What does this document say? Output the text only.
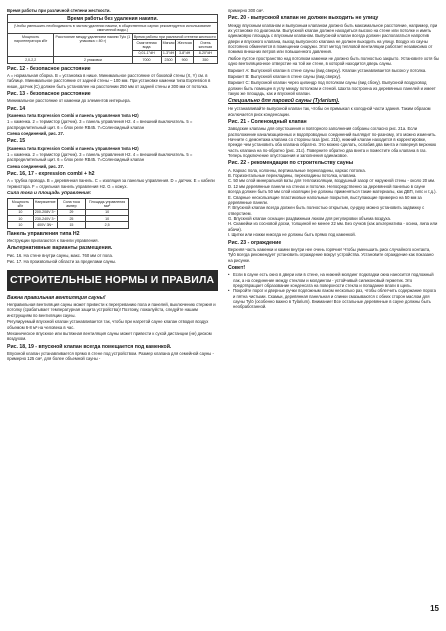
Время работы при различной степени жесткости.
Время работы без удаления накипи.					
(Чтобы уменьшить необходимость в частом удалении накипи, в общественных саунах рекомендуется использование смягченной воды.)					
Мощность парогенератора кВт	Расстояние между удалением накипи Tylo (1 упаковка = 80 г)	Время работы при различной степени жесткости			
		Смягченная вода	Мягкая	Жесткая	Очень жесткая
		0,01-1°dH	1-3°dH	3-8°dH	8-20°dH
2,0-2,2	2 упаковки	7000	2300	900	350
Рис. 12 - безопасное расстояние
A = нормальная сборка. B = установка в нише. Минимальное расстояние от боковой стены (X, Y) см. в таблице. Минимальное расстояние от задней стены – 100 мм. При установке каменки типа Expression в нише, датчик (C) должен быть установлен на расстоянии 250 мм от задней стены и 300 мм от потолка.
Рис. 13 - безопасное расстояние
Минимальное расстояние от каменки до элементов интерьера.
Рис. 14
(Каменка типа Expression Combi и панель управления типа H2)
1 = каменка. 2 = термистор (датчик). 3 = панель управления H2. 4 = внешний выключатель. 5 = распределительный щит. 6 = блок реле RB45. 7=Соленоидный клапан
Схема соединений, рис. 27.
Рис. 15
(Каменка типа Expression Combi и панель управления типа H2)
1 = каменка. 2 = термистор (датчик). 3 = панель управления H2. 4 = внешний выключатель. 5 = распределительный щит. 6 = блок реле RB45. 7=Соленоидный клапан
Схема соединений, рис. 27.
Рис. 16, 17 - expression combi + h2
A = трубка провода. B = деревянная панель. C = изоляция за панелью управления. D = датчик. E = кабели термистора. F = отдельная панель управления H2. G = кожух.
Сила тока и площадь управления:
Мощность кВт	Напряжение	Сила тока ампер	Площадь управления мм²
10	200-208V 3~	29	10
10	230-240V 3~	25	10
10	400V 3N~	15	2,5
Панель управления типа H2
Инструкции прилагаются к панели управления.
Альтернативные варианты размещения.
Рис. 16. На стене внутри сауны, макс. 760 мм от пола.
Рис. 17. На произвольной области за пределами сауны.
СТРОИТЕЛЬНЫЕ НОРМЫ И ПРАВИЛА
Важна правильная вентиляция сауны!
Неправильная вентиляция сауны может привести к перегреванию пола и панелей, выключению стержня и потолку (срабатывает температурная защита устройства)! Поэтому, пожалуйста, следуйте нашим инструкциям по вентиляции сауны.
Регулируемый впускной клапан устанавливается так, чтобы при нагретой сауне клапан отводил воздух объемом 6-8 м³ на человека в час.
Механическое впускное или вытяжная вентиляция сауны может привести к сухой дистанции (не) диском воздухом.
Рис. 18, 19 - впускной клапан всегда помещается под каменкой.
Впускной клапан устанавливается прямо в стене под устройством. Размер клапана для семейной сауны - примерно 125 см², для более объемной сауны -
примерно 300 см².
Рис. 20 - выпускной клапан не должен выходить не улицу
Между впускным клапаном и выпускным клапаном должно быть максимальное расстояние, например, при их установке по диагонали. Выпускной клапан должен находиться высоко на стене или потолке и иметь одинаковую площадь с впускным клапаном. Выпускной клапан всегда должен располагаться напротив двери и впускного клапана, выход выпускного клапана не должен выходить на улицу. Воздух из сауны постоянно обменяется в помещении снаружи. Этот метод тепловой вентиляции работает независимо от помимо внешних ветров или повышенного давления.
Любое пустое пространство над потолком каменки не должно быть полностью закрыто. Установите хотя бы одно вентиляционное отверстие на той же стене, в которой находится дверь сауны.
Вариант A: Выпускной клапан в стене сауны (вид сверху). Клапан устанавливается высоко у потолка.
Вариант B: Выпускной клапан в стене сауны (вид сверху).
Вариант C: Выпускной клапан через цилиндр под потолком сауны (вид сбоку). Выпускной воздуховод должен быть помещен в углу между потолком и стеной. Шахта построена из деревянных панелей и имеет такую же площадь, как и впускной клапан.
Специально для паровой сауны (Tylarium).
Не устанавливайте выпускной клапан так, чтобы он примыкал к холодной части здания. Таким образом исключается риск конденсации.
Рис. 21 - Соленоидный клапан
Заводские клапаны для опустошения и повторного заполнения собраны согласно рис. 21a. Если расположение канализационных и водопроводных соединений выглядит по-разному, это можно изменить. Начните с демонтажа клапана со стороны газа (рис. 21b), нижний клапан находится в корректировке, прежде чем установить оба клапана обратно. Это можно сделать, ослабив два винта и повернув верхнюю часть клапана на по-обратно (рис. 21c). Поверните обратно два винта и поместите оба клапана в газ. Теперь подключение опустошения и заполнения одинаковое.
Рис. 22 - рекомендации по строительству сауны
A. Каркас пола, колонны, вертикальные перекладины, каркас потолка.
B. Горизонтальные перекладины, перекладины потолка, клапана.
C. 50 мм слой минеральной ваты для теплоизоляции, воздушный зазор от наружной стены - около 20 мм.
D. 12 мм деревянные панели на стенах и потолке. Непосредственно за деревянной панелью в сауне всегда должен быть 50 мм слой изоляции (не должны применяться такие материалы, как ДВП, гипс и т.д.).
E. Сварные нескользящие пластиковые напольные покрытия, выступающие примерно на 50 мм за деревянные панели.
F. Впускной клапан всегда должен быть полностью открытым, сундуку можно установить задвижку с отверстием.
G. Впускной клапан оснащен раздвижным люком для регулировки объема воздуха.
H. Скамейки из сосновой доски, толщиной не менее 22 мм. Без сучков (как альтернатива - осина, липа или абачи).
I. Щитки или ножки никогда не должны быть прямо под каменкой.
Рис. 23 - ограждение
Верхняя часть каменки и камни внутри нее очень горячие! Чтобы уменьшить риск случайного контакта, Tylö всегда рекомендует установить ограждение вокруг устройства. Установите ограждение как показано на рисунке.
Совет!
• Если в сауне есть окно в двери или в стене, на нижней молдинг подкладки окна наносится подложный лак, а на соединение между стеклом и молдингом - устойчивый силиконовый герметик. Это предотвращает образование конденсата на поверхности стекла и попадание влаги в щель.
• Покройте порог и дверные ручки подложным лаком несколько раз, чтобы облегчить содержание порога и пятна чистыми. Скамьи, деревянная панельная и спинки смазываются с обеих сторон маслом для сауны Tylö (особенно важно в Tylarium). Внимание! Все остальные деревянные в сауне должны быть необработанной.
15
